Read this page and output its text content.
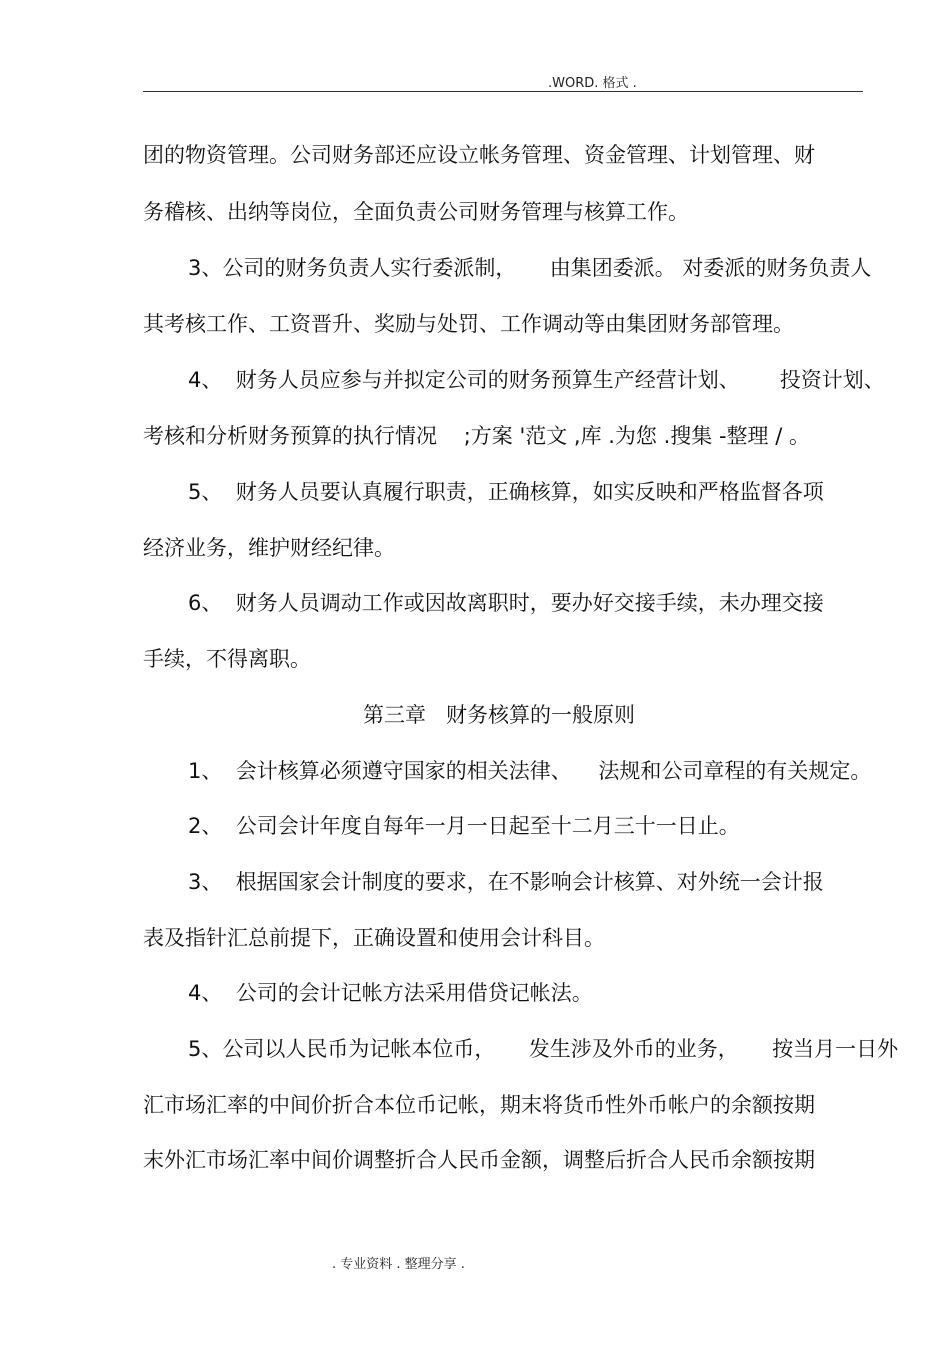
.WORD. 格式 .
团的物资管理。公司财务部还应设立帐务管理、资金管理、计划管理、财
务稽核、出纳等岗位，全面负责公司财务管理与核算工作。
3、公司的财务负责人实行委派制，     由集团委派。 对委派的财务负责人
其考核工作、工资晋升、奖励与处罚、工作调动等由集团财务部管理。
4、  财务人员应参与并拟定公司的财务预算生产经营计划、      投资计划、
考核和分析财务预算的执行情况    ;方案 '范文 ,库 .为您 .搜集 -整理 / 。
5、  财务人员要认真履行职责，正确核算，如实反映和严格监督各项
经济业务，维护财经纪律。
6、  财务人员调动工作或因故离职时，要办好交接手续，未办理交接
手续，不得离职。
第三章   财务核算的一般原则
1、  会计核算必须遵守国家的相关法律、    法规和公司章程的有关规定。
2、  公司会计年度自每年一月一日起至十二月三十一日止。
3、  根据国家会计制度的要求，在不影响会计核算、对外统一会计报
表及指针汇总前提下，正确设置和使用会计科目。
4、  公司的会计记帐方法采用借贷记帐法。
5、公司以人民币为记帐本位币，     发生涉及外币的业务，     按当月一日外
汇市场汇率的中间价折合本位币记帐，期末将货币性外币帐户的余额按期
末外汇市场汇率中间价调整折合人民币金额，调整后折合人民币余额按期
. 专业资料 . 整理分享 .
